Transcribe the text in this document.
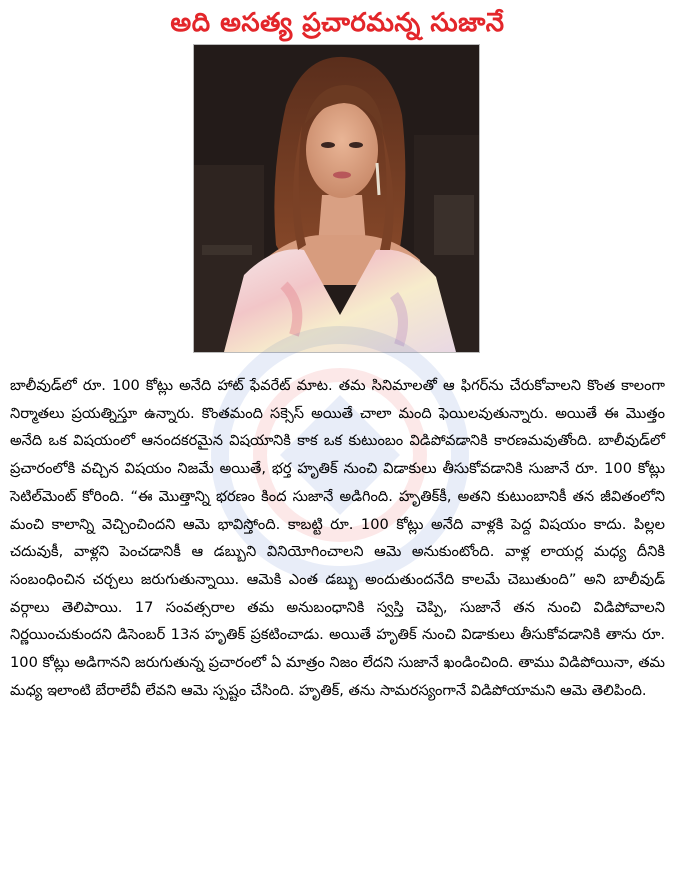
అది అసత్య ప్రచారమన్న సుజానే

బాలీవుడ్‌లో రూ. 100 కోట్లు అనేది హాట్ ఫేవరేట్ మాట. తమ సినిమాలతో ఆ ఫిగర్‌ను చేరుకోవాలని కొంత కాలంగా నిర్మాతలు ప్రయత్నిస్తూ ఉన్నారు. కొంతమంది సక్సెస్ అయితే చాలా మంది ఫెయిలవుతున్నారు. అయితే ఈ మొత్తం అనేది ఒక విషయంలో ఆనందకరమైన విషయానికి కాక ఒక కుటుంబం విడిపోవడానికి కారణమవుతోంది. బాలీవుడ్‌లో ప్రచారంలోకి వచ్చిన విషయం నిజమే అయితే, భర్త హృతిక్ నుంచి విడాకులు తీసుకోవడానికి సుజానే రూ. 100 కోట్లు సెటిల్‌మెంట్ కోరింది. “ఈ మొత్తాన్ని భరణం కింద సుజానే అడిగింది. హృతిక్‌కీ, అతని కుటుంబానికీ తన జీవితంలోని మంచి కాలాన్ని వెచ్చించిందని ఆమె భావిస్తోంది. కాబట్టి రూ. 100 కోట్లు అనేది వాళ్లకి పెద్ద విషయం కాదు. పిల్లల చదువుకీ, వాళ్లని పెంచడానికీ ఆ డబ్బుని వినియోగించాలని ఆమె అనుకుంటోంది. వాళ్ల లాయర్ల మధ్య దీనికి సంబంధించిన చర్చలు జరుగుతున్నాయి. ఆమెకి ఎంత డబ్బు అందుతుందనేది కాలమే చెబుతుంది” అని బాలీవుడ్ వర్గాలు తెలిపాయి. 17 సంవత్సరాల తమ అనుబంధానికి స్వస్తి చెప్పి, సుజానే తన నుంచి విడిపోవాలని నిర్ణయించుకుందని డిసెంబర్ 13న హృతిక్ ప్రకటించాడు. అయితే హృతిక్ నుంచి విడాకులు తీసుకోవడానికి తాను రూ. 100 కోట్లు అడిగానని జరుగుతున్న ప్రచారంలో ఏ మాత్రం నిజం లేదని సుజానే ఖండించింది. తాము విడిపోయినా, తమ మధ్య ఇలాంటి బేరాలేవీ లేవని ఆమె స్పష్టం చేసింది. హృతిక్, తను సామరస్యంగానే విడిపోయామని ఆమె తెలిపింది.
